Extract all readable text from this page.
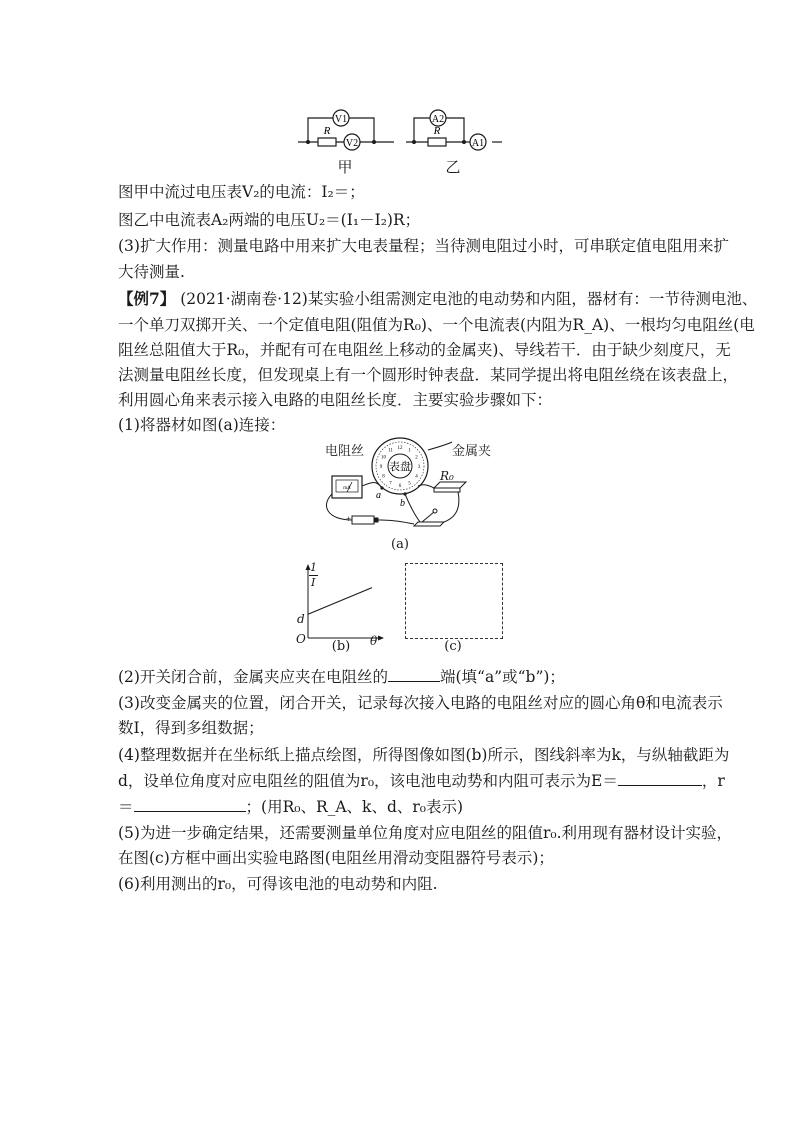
V1
R
V2
甲
A2
R
A1
乙
图甲中流过电压表V₂的电流：I₂＝；
图乙中电流表A₂两端的电压U₂＝(I₁－I₂)R；
(3)扩大作用：测量电路中用来扩大电表量程；当待测电阻过小时，可串联定值电阻用来扩
大待测量.
【例7】 (2021·湖南卷·12)某实验小组需测定电池的电动势和内阻，器材有：一节待测电池、
一个单刀双掷开关、一个定值电阻(阻值为R₀)、一个电流表(内阻为R_A)、一根均匀电阻丝(电
阻丝总阻值大于R₀，并配有可在电阻丝上移动的金属夹)、导线若干．由于缺少刻度尺，无
法测量电阻丝长度，但发现桌上有一个圆形时钟表盘．某同学提出将电阻丝绕在该表盘上，
利用圆心角来表示接入电路的电阻丝长度．主要实验步骤如下：
(1)将器材如图(a)连接：
12 1
2
3
4
5
6
7
8
9
10
11
表盘
mA
+
a
b
电阻丝	金属夹
R₀
(a)
1
I
d
O	θ
(b)	(c)
(2)开关闭合前，金属夹应夹在电阻丝的	端(填“a”或“b”)；
(3)改变金属夹的位置，闭合开关，记录每次接入电路的电阻丝对应的圆心角θ和电流表示
数I，得到多组数据；
(4)整理数据并在坐标纸上描点绘图，所得图像如图(b)所示，图线斜率为k，与纵轴截距为
d，设单位角度对应电阻丝的阻值为r₀，该电池电动势和内阻可表示为E＝	，r
＝	；(用R₀、R_A、k、d、r₀表示)
(5)为进一步确定结果，还需要测量单位角度对应电阻丝的阻值r₀.利用现有器材设计实验，
在图(c)方框中画出实验电路图(电阻丝用滑动变阻器符号表示)；
(6)利用测出的r₀，可得该电池的电动势和内阻.
